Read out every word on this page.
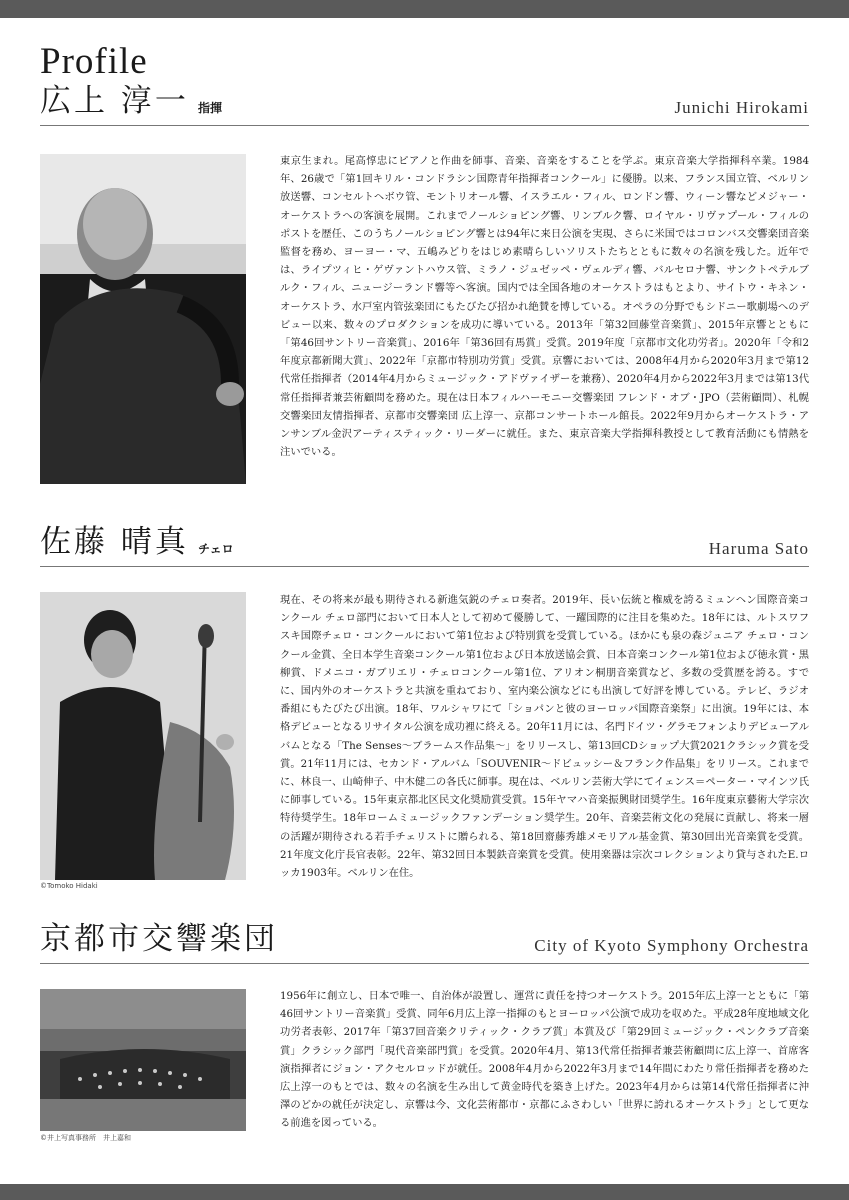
Profile
広上 淳一 指揮	Junichi Hirokami

東京生まれ。尾高惇忠にピアノと作曲を師事、音楽、音楽をすることを学ぶ。東京音楽大学指揮科卒業。1984年、26歳で「第1回キリル・コンドラシン国際青年指揮者コンクール」に優勝。以来、フランス国立管、ベルリン放送響、コンセルトヘボウ管、モントリオール響、イスラエル・フィル、ロンドン響、ウィーン響などメジャー・オーケストラへの客演を展開。これまでノールショピング響、リンブルク響、ロイヤル・リヴァプール・フィルのポストを歴任、このうちノールショピング響とは94年に来日公演を実現、さらに米国ではコロンバス交響楽団音楽監督を務め、ヨーヨー・マ、五嶋みどりをはじめ素晴らしいソリストたちとともに数々の名演を残した。近年では、ライプツィヒ・ゲヴァントハウス管、ミラノ・ジュゼッペ・ヴェルディ響、バルセロナ響、サンクトペテルブルク・フィル、ニュージーランド響等へ客演。国内では全国各地のオーケストラはもとより、サイトウ・キネン・オーケストラ、水戸室内管弦楽団にもたびたび招かれ絶賛を博している。オペラの分野でもシドニー歌劇場へのデビュー以来、数々のプロダクションを成功に導いている。2013年「第32回藤堂音楽賞」、2015年京響とともに「第46回サントリー音楽賞」、2016年「第36回有馬賞」受賞。2019年度「京都市文化功労者」。2020年「令和2年度京都新聞大賞」、2022年「京都市特別功労賞」受賞。京響においては、2008年4月から2020年3月まで第12代常任指揮者（2014年4月からミュージック・アドヴァイザーを兼務）、2020年4月から2022年3月までは第13代常任指揮者兼芸術顧問を務めた。現在は日本フィルハーモニー交響楽団 フレンド・オブ・JPO（芸術顧問）、札幌交響楽団友情指揮者、京都市交響楽団 広上淳一、京都コンサートホール館長。2022年9月からオーケストラ・アンサンブル金沢アーティスティック・リーダーに就任。また、東京音楽大学指揮科教授として教育活動にも情熱を注いでいる。

佐藤 晴真 チェロ	Haruma Sato
©Tomoko Hidaki

現在、その将来が最も期待される新進気鋭のチェロ奏者。2019年、長い伝統と権威を誇るミュンヘン国際音楽コンクール チェロ部門において日本人として初めて優勝して、一躍国際的に注目を集めた。18年には、ルトスワフスキ国際チェロ・コンクールにおいて第1位および特別賞を受賞している。ほかにも泉の森ジュニア チェロ・コンクール金賞、全日本学生音楽コンクール第1位および日本放送協会賞、日本音楽コンクール第1位および徳永賞・黒柳賞、ドメニコ・ガブリエリ・チェロコンクール第1位、アリオン桐朋音楽賞など、多数の受賞歴を誇る。すでに、国内外のオーケストラと共演を重ねており、室内楽公演などにも出演して好評を博している。テレビ、ラジオ番組にもたびたび出演。18年、ワルシャワにて「ショパンと彼のヨーロッパ国際音楽祭」に出演。19年には、本格デビューとなるリサイタル公演を成功裡に終える。20年11月には、名門ドイツ・グラモフォンよりデビューアルバムとなる「The Senses〜ブラームス作品集〜」をリリースし、第13回CDショップ大賞2021クラシック賞を受賞。21年11月には、セカンド・アルバム「SOUVENIR〜ドビュッシー＆フランク作品集」をリリース。これまでに、林良一、山崎伸子、中木健二の各氏に師事。現在は、ベルリン芸術大学にてイェンス＝ペーター・マインツ氏に師事している。15年東京都北区民文化奨励賞受賞。15年ヤマハ音楽振興財団奨学生。16年度東京藝術大学宗次特待奨学生。18年ロームミュージックファンデーション奨学生。20年、音楽芸術文化の発展に貢献し、将来一層の活躍が期待される若手チェリストに贈られる、第18回齋藤秀雄メモリアル基金賞、第30回出光音楽賞を受賞。21年度文化庁長官表彰。22年、第32回日本製鉄音楽賞を受賞。使用楽器は宗次コレクションより貸与されたE.ロッカ1903年。ベルリン在住。

京都市交響楽団	City of Kyoto Symphony Orchestra
©井上写真事務所　井上嘉和

1956年に創立し、日本で唯一、自治体が設置し、運営に責任を持つオーケストラ。2015年広上淳一とともに「第46回サントリー音楽賞」受賞、同年6月広上淳一指揮のもとヨーロッパ公演で成功を収めた。平成28年度地域文化功労者表彰、2017年「第37回音楽クリティック・クラブ賞」本賞及び「第29回ミュージック・ペンクラブ音楽賞」クラシック部門「現代音楽部門賞」を受賞。2020年4月、第13代常任指揮者兼芸術顧問に広上淳一、首席客演指揮者にジョン・アクセルロッドが就任。2008年4月から2022年3月まで14年間にわたり常任指揮者を務めた広上淳一のもとでは、数々の名演を生み出して黄金時代を築き上げた。2023年4月からは第14代常任指揮者に沖澤のどかの就任が決定し、京響は今、文化芸術都市・京都にふさわしい「世界に誇れるオーケストラ」として更なる前進を図っている。
